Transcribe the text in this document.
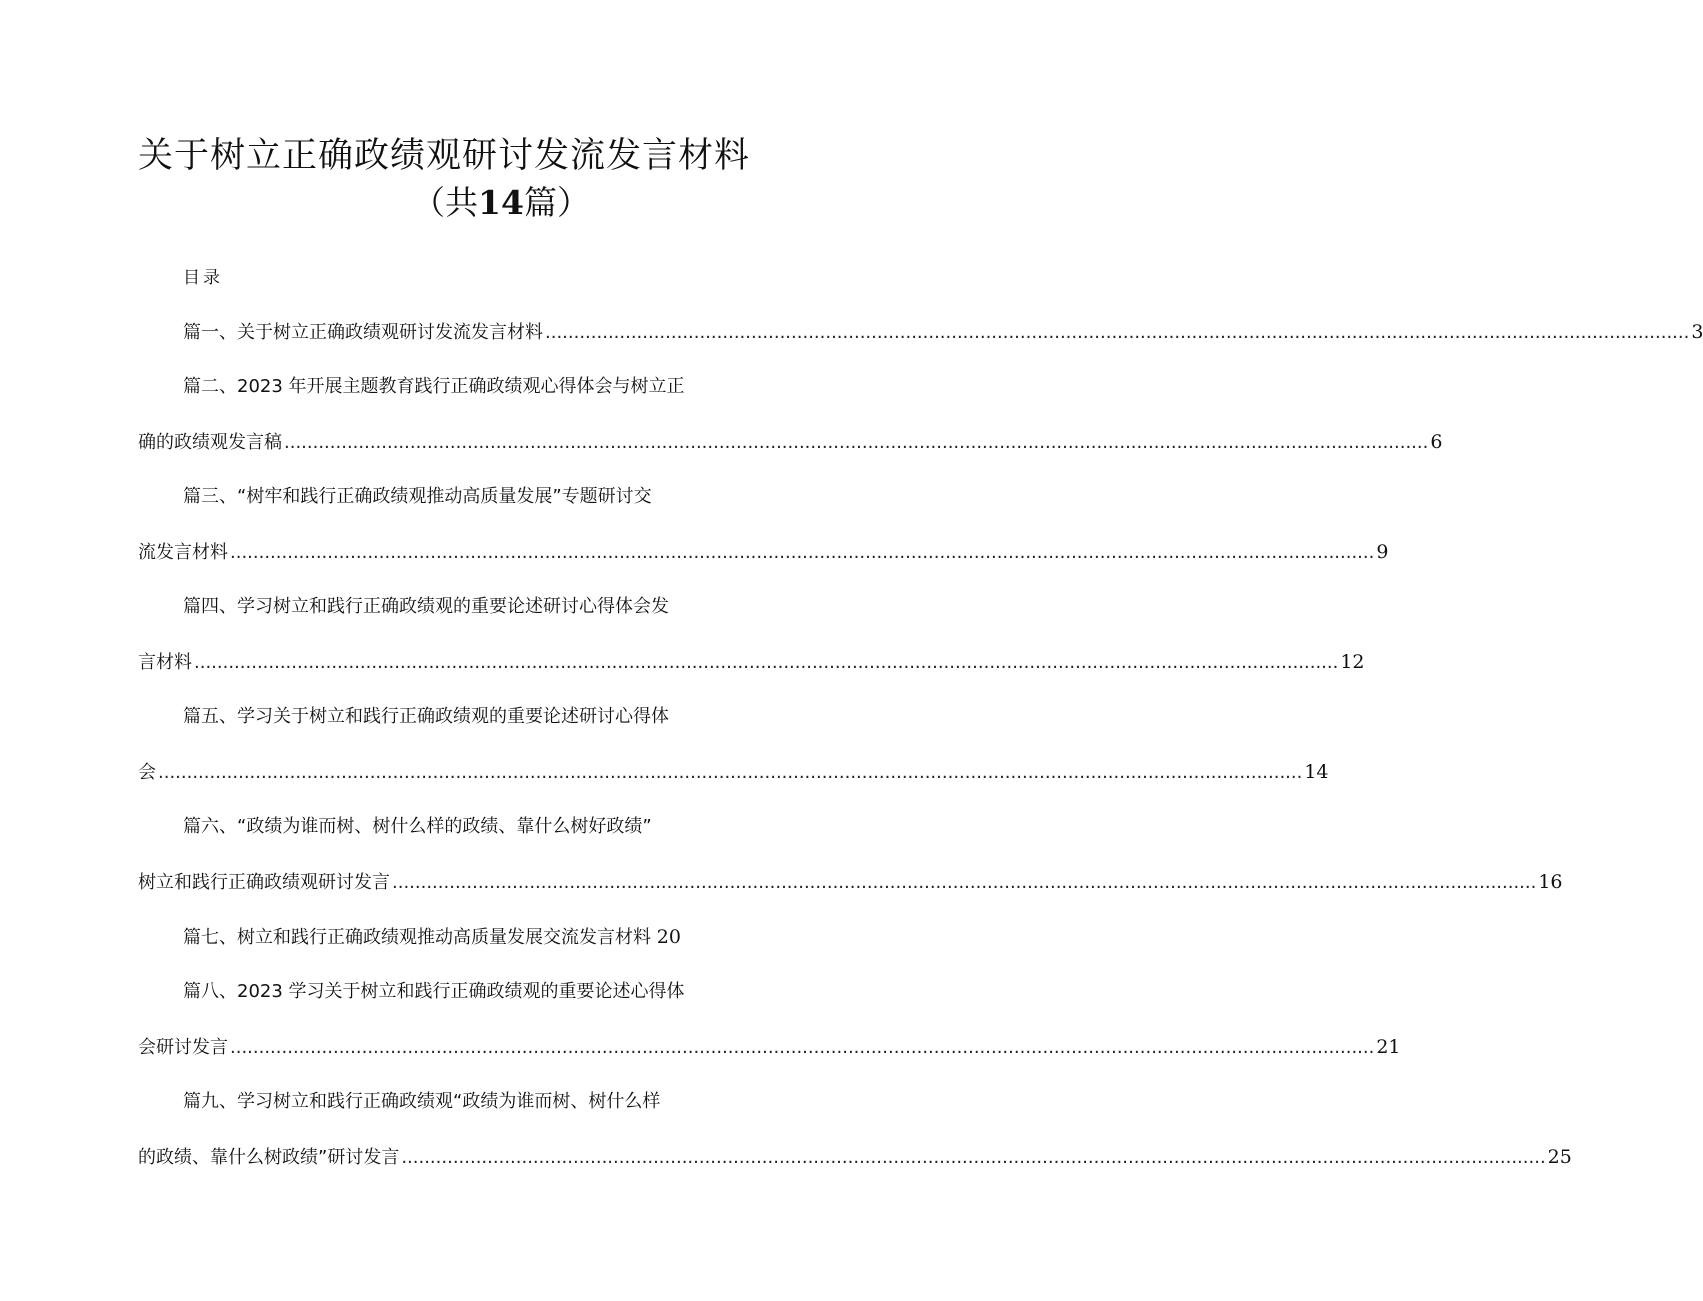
关于树立正确政绩观研讨发流发言材料
（共14篇）
目录
篇一、关于树立正确政绩观研讨发流发言材料 ........................................................................................................................................................................................................ 3
篇二、2023 年开展主题教育践行正确政绩观心得体会与树立正
确的政绩观发言稿 ........................................................................................................................................................................................................ 6
篇三、“树牢和践行正确政绩观推动高质量发展”专题研讨交
流发言材料 ........................................................................................................................................................................................................ 9
篇四、学习树立和践行正确政绩观的重要论述研讨心得体会发
言材料 ........................................................................................................................................................................................................ 12
篇五、学习关于树立和践行正确政绩观的重要论述研讨心得体
会 ........................................................................................................................................................................................................ 14
篇六、“政绩为谁而树、树什么样的政绩、靠什么树好政绩”
树立和践行正确政绩观研讨发言 ........................................................................................................................................................................................................ 16
篇七、树立和践行正确政绩观推动高质量发展交流发言材料 20
篇八、2023 学习关于树立和践行正确政绩观的重要论述心得体
会研讨发言 ........................................................................................................................................................................................................ 21
篇九、学习树立和践行正确政绩观“政绩为谁而树、树什么样
的政绩、靠什么树政绩”研讨发言 ........................................................................................................................................................................................................ 25
